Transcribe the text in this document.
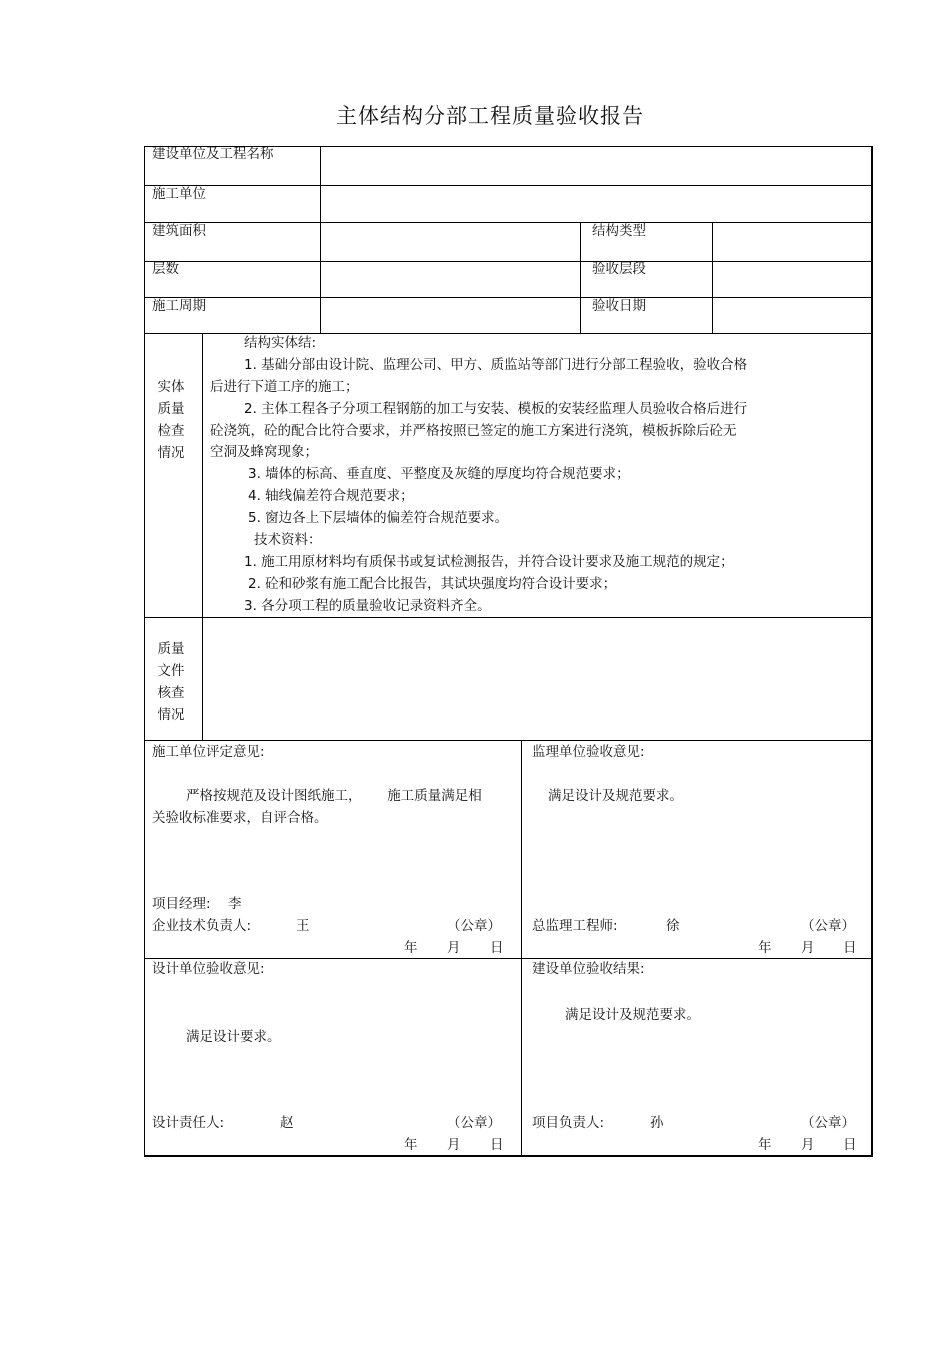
主体结构分部工程质量验收报告
建设单位及工程名称
施工单位
建筑面积	结构类型
层数	验收层段
施工周期	验收日期
实体
质量
检查
情况
结构实体结:
1. 基础分部由设计院、监理公司、甲方、质监站等部门进行分部工程验收，验收合格
后进行下道工序的施工；
2. 主体工程各子分项工程钢筋的加工与安装、模板的安装经监理人员验收合格后进行
砼浇筑，砼的配合比符合要求，并严格按照已签定的施工方案进行浇筑，模板拆除后砼无
空洞及蜂窝现象；
3. 墙体的标高、垂直度、平整度及灰缝的厚度均符合规范要求；
4. 轴线偏差符合规范要求；
5. 窗边各上下层墙体的偏差符合规范要求。
技术资料：
1. 施工用原材料均有质保书或复试检测报告，并符合设计要求及施工规范的规定；
2. 砼和砂浆有施工配合比报告，其试块强度均符合设计要求；
3. 各分项工程的质量验收记录资料齐全。
质量
文件
核查
情况
施工单位评定意见:
严格按规范及设计图纸施工，      施工质量满足相
关验收标准要求，自评合格。
项目经理: 李
企业技术负责人:	王	（公章）
年 月 日
监理单位验收意见:
满足设计及规范要求。
总监理工程师:	徐	（公章）
年 月 日
设计单位验收意见:
满足设计要求。
设计责任人:	赵	（公章）
年 月 日
建设单位验收结果:
满足设计及规范要求。
项目负责人:	孙	（公章）
年 月 日
